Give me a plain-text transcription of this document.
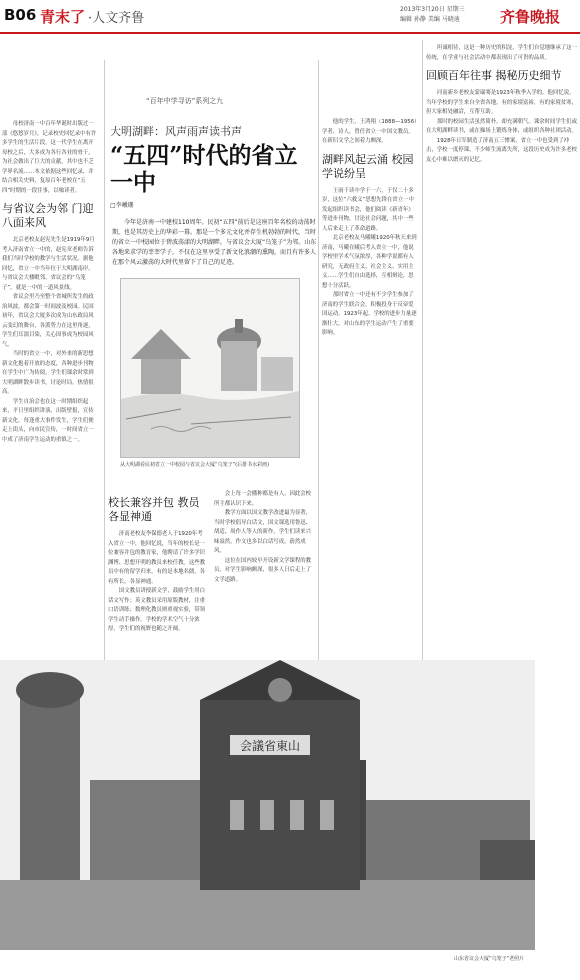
B06 青末了 ·人文齐鲁
2013年3月20日 星期三
编辑 孙静 美编 马晓迪	齐鲁晚报

母校济南一中百年华诞时出版过一部《悠悠岁月》，记录校史回忆录中有许多学生的生活片段。这一代学生在离开母校之后，大多成为各行各业的骨干，为社会做出了巨大的贡献，其中也不乏学界名流……本文依据这些回忆录，并结合相关史料，复原百年老校在“五四”时期的一段往事，以飨读者。

与省议会为邻 门迎八面来风

北京老校友赵宪先生是1919年9月考入济南省立一中的，赵宪章老师告诉我们当时学校的教学与生活状况。据他回忆，省立一中当年位于大明湖南岸，与省议会大楼毗邻，省议会的“乌笼子”，就是一中的一道风景线。

省议会里乃至整个省城所发生的政治风波，都会第一时间波及校园。民国初年，省议会大厦多次成为山东政局风云变幻的舞台，各派势力在这里角逐，学生们耳濡目染，关心国事成为校园风气。

当时的省立一中，对外来的新思想新文化抱着开放的态度，各种进步刊物在学生中广为传阅。学生们课余时常到大明湖畔散步读书，讨论时局，热情很高。

学生自治会也在这一时期组织起来，平日里组织讲演、出版壁报，宣传新文化。每逢重大事件发生，学生们便走上街头，向市民宣传，一时间省立一中成了济南学生运动的重镇之一。

“百年中学寻访”系列之九
大明湖畔：风声雨声读书声
“五四”时代的省立一中
□李曦珊
今年是济南一中建校110周年。民初“五四”前后是这座百年名校的动荡时期，也是其历史上的华彩一幕。那是一个多元文化并存生机勃勃的时代，当时的省立一中校园位于碧波荡漾的大明湖畔，与省议会大厦“乌笼子”为邻。山东各地来求学的莘莘学子，不仅在这里享受了新文化浪潮的熏陶，而且有许多人在那个风云激荡的大时代里留下了自己的足迹。
从大明湖看民初省立一中校园与省议会大厦“乌笼子”(后排书水彩画)
校长兼容并包 教员各显神通

济南老校友李保德老人于1920年考入省立一中，他回忆说，当年的校长是一位兼容并包的教育家，他聘请了许多学识渊博、思想开明的教员来校任教。这些教员中有的留学归来，有的是本地名儒，各有所长，各显神通。

国文教员讲授新文学，鼓励学生用白话文写作；英文教员采用原版教材，注重口语训练；数理化教员则重视实验，带领学生动手操作。学校的学术空气十分浓厚，学生们的视野也随之开阔。

会上每一会播种都是有人，因此会校所主都认识下来。

教学方面以国文教学改进最为显著，当时学校倡导白话文，国文课选用鲁迅、胡适、周作人等人的新作，学生们读来兴味盎然，作文也多以白话写成，蔚然成风。

这位在国内较早开设新文学课程的教员，对学生影响颇深，很多人日后走上了文学道路。

他的学生，王鸿翔（1888—1956）学者、诗人，曾任省立一中国文教员，在新旧文学之间着力颇深。

湖畔风起云涌 校园学说纷呈

王雨千读中学于一六，于仅二十多岁，这位“六救义”思想先锋在省立一中发起组织读书会，他们阅读《新青年》等进步刊物，讨论社会问题，其中一些人后来走上了革命道路。

北京老校友马曦曦1920年秋天来到济南，马曦在曦后考入省立一中，他说学校里学术气氛浓厚，各种学说都有人研究，无政府主义、社会主义、实用主义……学生们自由选择，互相辩论，思想十分活跃。

那时省立一中还有不少学生参加了济南的学生联合会，积极投身于反帝爱国运动。1923年起，学校的进步力量逐渐壮大，对山东的学生运动产生了重要影响。

坦诚相待，这是一种历史的积淀，学生们自觉地继承了这一传统，在学业与社会活动中都表现出了可贵的品质。

回顾百年往事 揭秘历史细节

河南新乡老校友蒙瑞骞是1923年秋季入学的。他回忆说，当年学校的学生来自全省各地，有的家境富裕，有的家境贫寒，但大家相处融洽，互帮互助。

那时的校园生活虽然简朴，却充满朝气。课余时间学生们或在大明湖畔读书，或在操场上锻炼身体，或组织各种社团活动。

1928年日军制造了济南五三惨案，省立一中也受到了冲击，学校一度停课，不少师生流离失所，这段历史成为许多老校友心中难以磨灭的记忆。

会議省東山
山东省议会大厦“乌笼子”老照片
